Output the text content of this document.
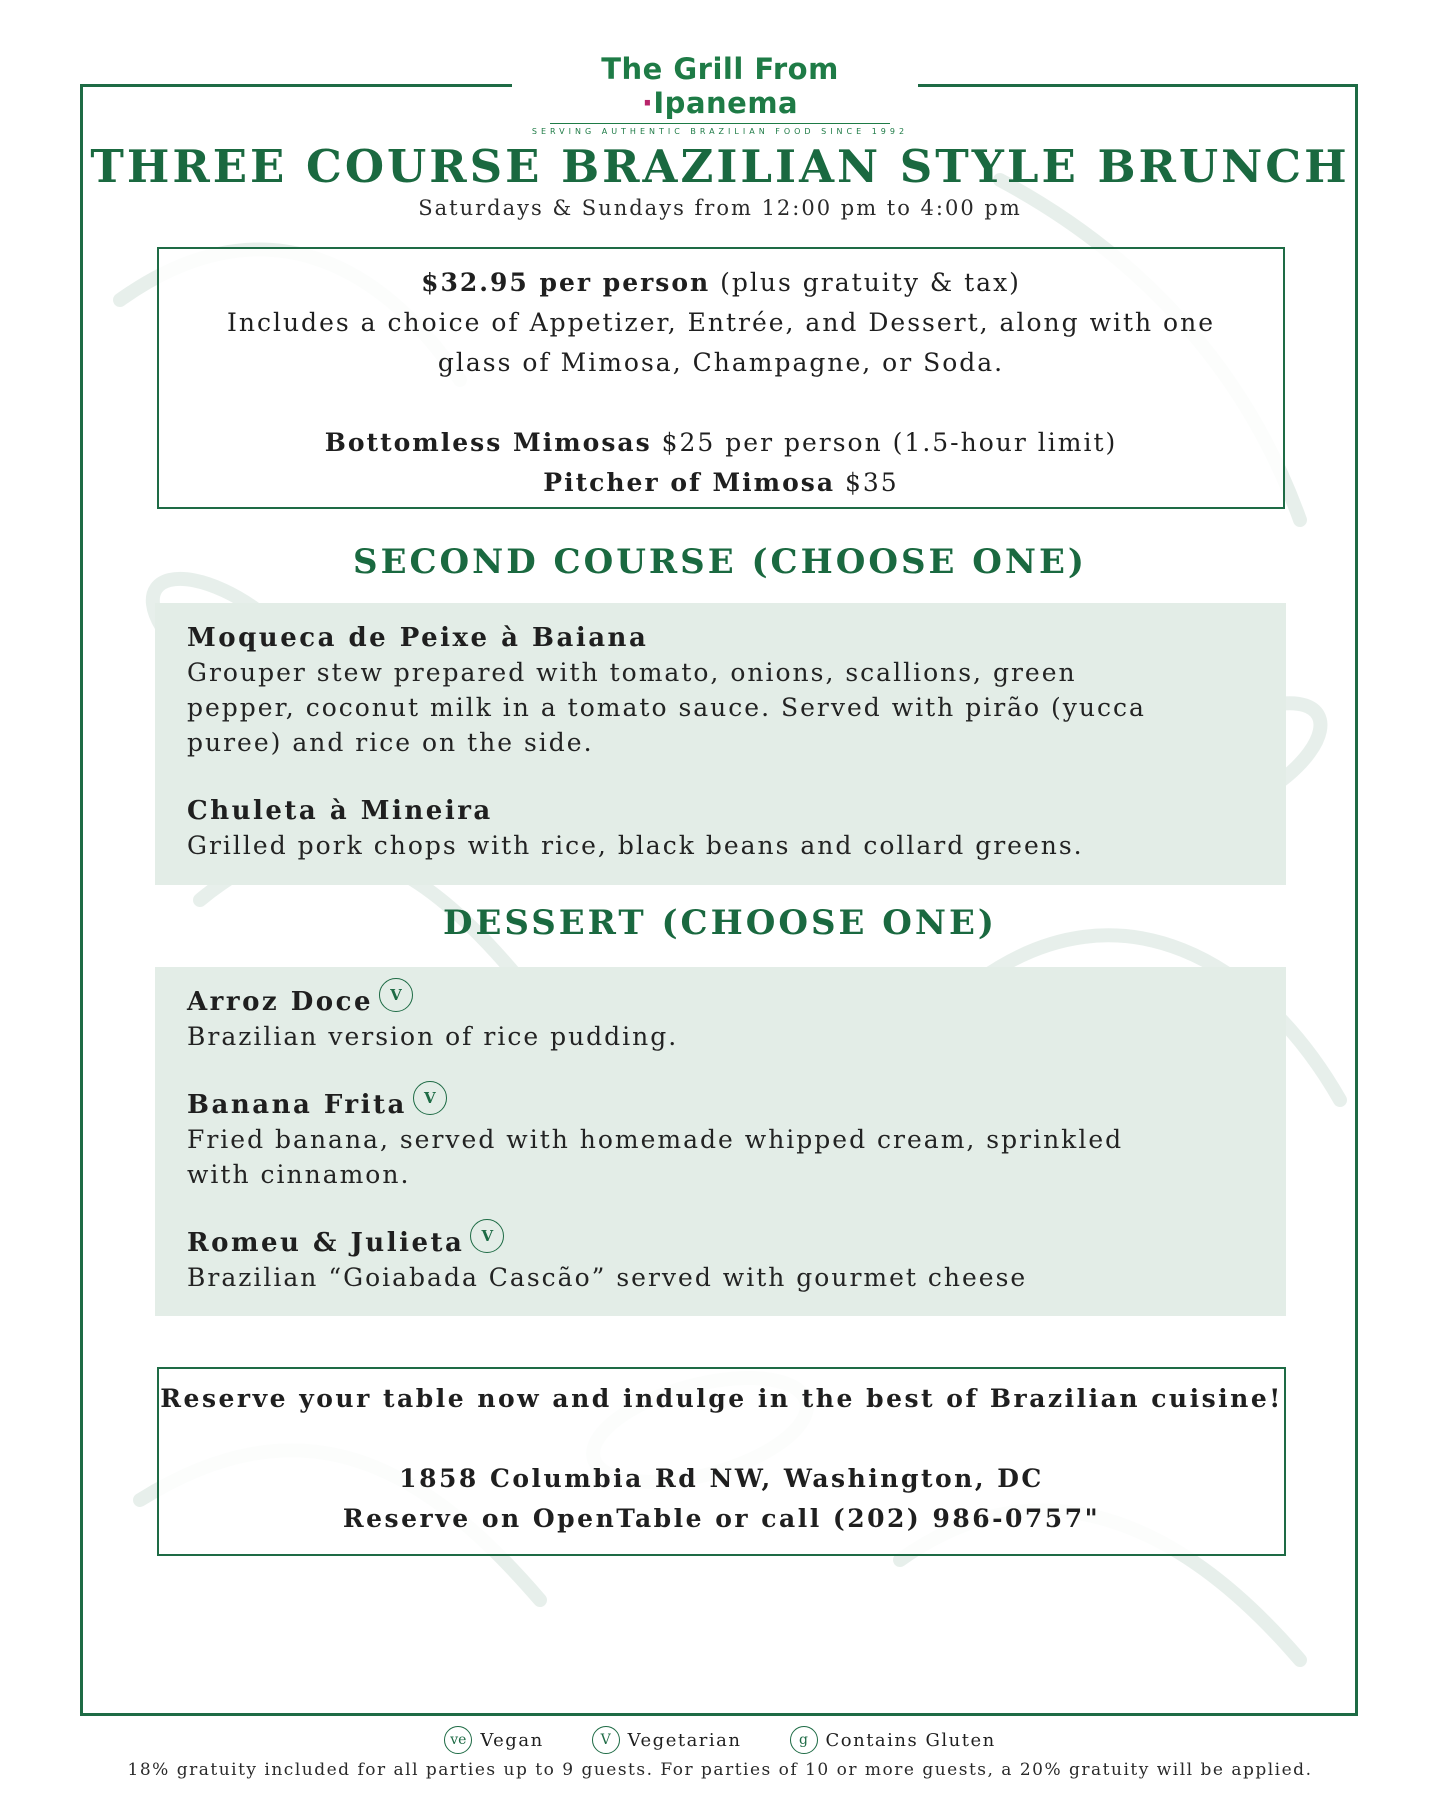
The Grill From ·Ipanema
SERVING AUTHENTIC BRAZILIAN FOOD SINCE 1992
THREE COURSE BRAZILIAN STYLE BRUNCH
Saturdays & Sundays from 12:00 pm to 4:00 pm
$32.95 per person (plus gratuity & tax)
Includes a choice of Appetizer, Entrée, and Dessert, along with one
glass of Mimosa, Champagne, or Soda.
Bottomless Mimosas $25 per person (1.5-hour limit)
Pitcher of Mimosa $35
SECOND COURSE (CHOOSE ONE)
Moqueca de Peixe à Baiana
Grouper stew prepared with tomato, onions, scallions, green
pepper, coconut milk in a tomato sauce. Served with pirão (yucca
puree) and rice on the side.
Chuleta à Mineira
Grilled pork chops with rice, black beans and collard greens.
DESSERT (CHOOSE ONE)
Arroz Doce	V
Brazilian version of rice pudding.
Banana Frita	V
Fried banana, served with homemade whipped cream, sprinkled
with cinnamon.
Romeu & Julieta	V
Brazilian “Goiabada Cascão” served with gourmet cheese
Reserve your table now and indulge in the best of Brazilian cuisine!
1858 Columbia Rd NW, Washington, DC
Reserve on OpenTable or call (202) 986-0757"
ve Vegan	V Vegetarian	g Contains Gluten
18% gratuity included for all parties up to 9 guests. For parties of 10 or more guests, a 20% gratuity will be applied.
